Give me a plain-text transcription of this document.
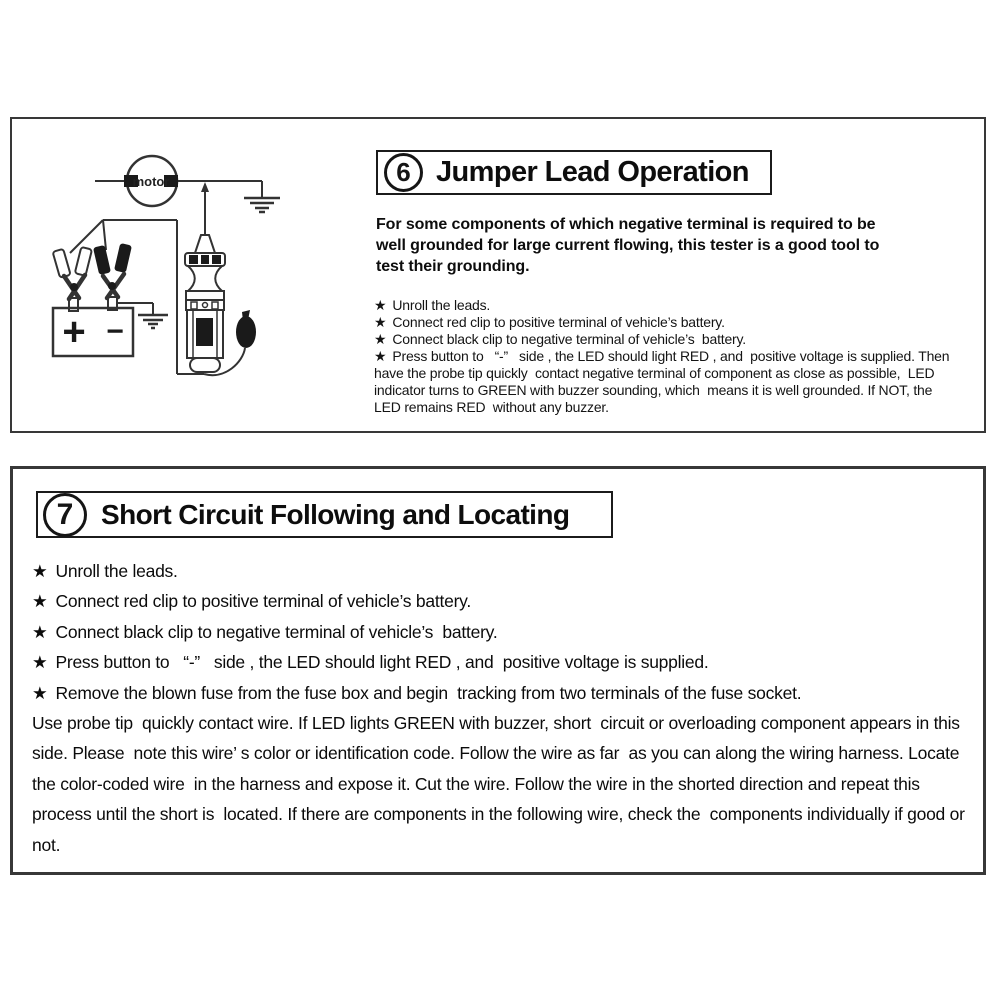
motor
+ −
6 Jumper Lead Operation
For some components of which negative terminal is required to be well grounded for large current flowing, this tester is a good tool to test their grounding.
★ Unroll the leads.
★ Connect red clip to positive terminal of vehicle’s battery.
★ Connect black clip to negative terminal of vehicle’s  battery.
★ Press button to   “-”   side , the LED should light RED , and  positive voltage is supplied. Then have the probe tip quickly  contact negative terminal of component as close as possible,  LED indicator turns to GREEN with buzzer sounding, which  means it is well grounded. If NOT, the LED remains RED  without any buzzer.
7 Short Circuit Following and Locating
★ Unroll the leads.
★ Connect red clip to positive terminal of vehicle’s battery.
★ Connect black clip to negative terminal of vehicle’s  battery.
★ Press button to   “-”   side , the LED should light RED , and  positive voltage is supplied.
★ Remove the blown fuse from the fuse box and begin  tracking from two terminals of the fuse socket.
Use probe tip  quickly contact wire. If LED lights GREEN with buzzer, short  circuit or overloading component appears in this side. Please  note this wire’ s color or identification code. Follow the wire as far  as you can along the wiring harness. Locate the color-coded wire  in the harness and expose it. Cut the wire. Follow the wire in the shorted direction and repeat this process until the short is  located. If there are components in the following wire, check the  components individually if good or not.
